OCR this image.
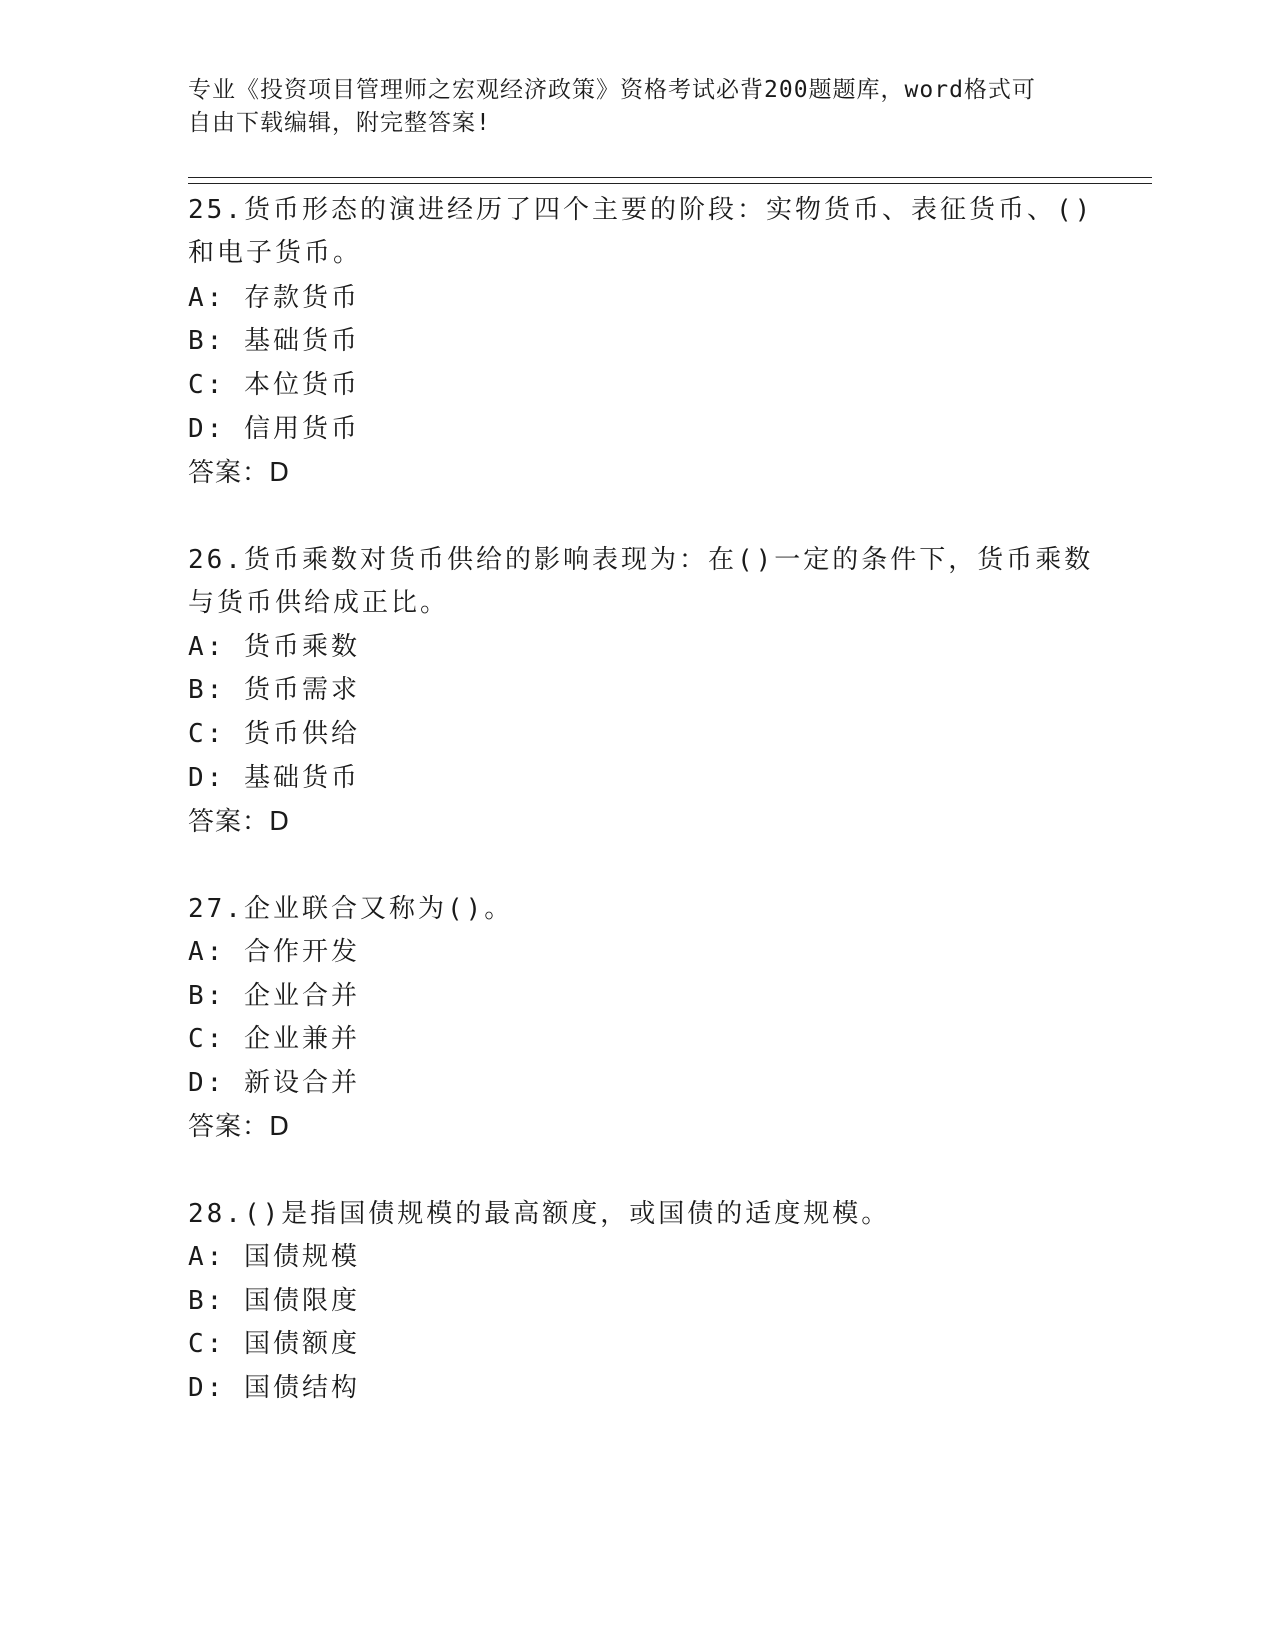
专业《投资项目管理师之宏观经济政策》资格考试必背200题题库，word格式可
自由下载编辑，附完整答案!
25.货币形态的演进经历了四个主要的阶段：实物货币、表征货币、()
和电子货币。
A: 存款货币
B: 基础货币
C: 本位货币
D: 信用货币
答案：D
26.货币乘数对货币供给的影响表现为：在()一定的条件下，货币乘数
与货币供给成正比。
A: 货币乘数
B: 货币需求
C: 货币供给
D: 基础货币
答案：D
27.企业联合又称为()。
A: 合作开发
B: 企业合并
C: 企业兼并
D: 新设合并
答案：D
28.()是指国债规模的最高额度，或国债的适度规模。
A: 国债规模
B: 国债限度
C: 国债额度
D: 国债结构
